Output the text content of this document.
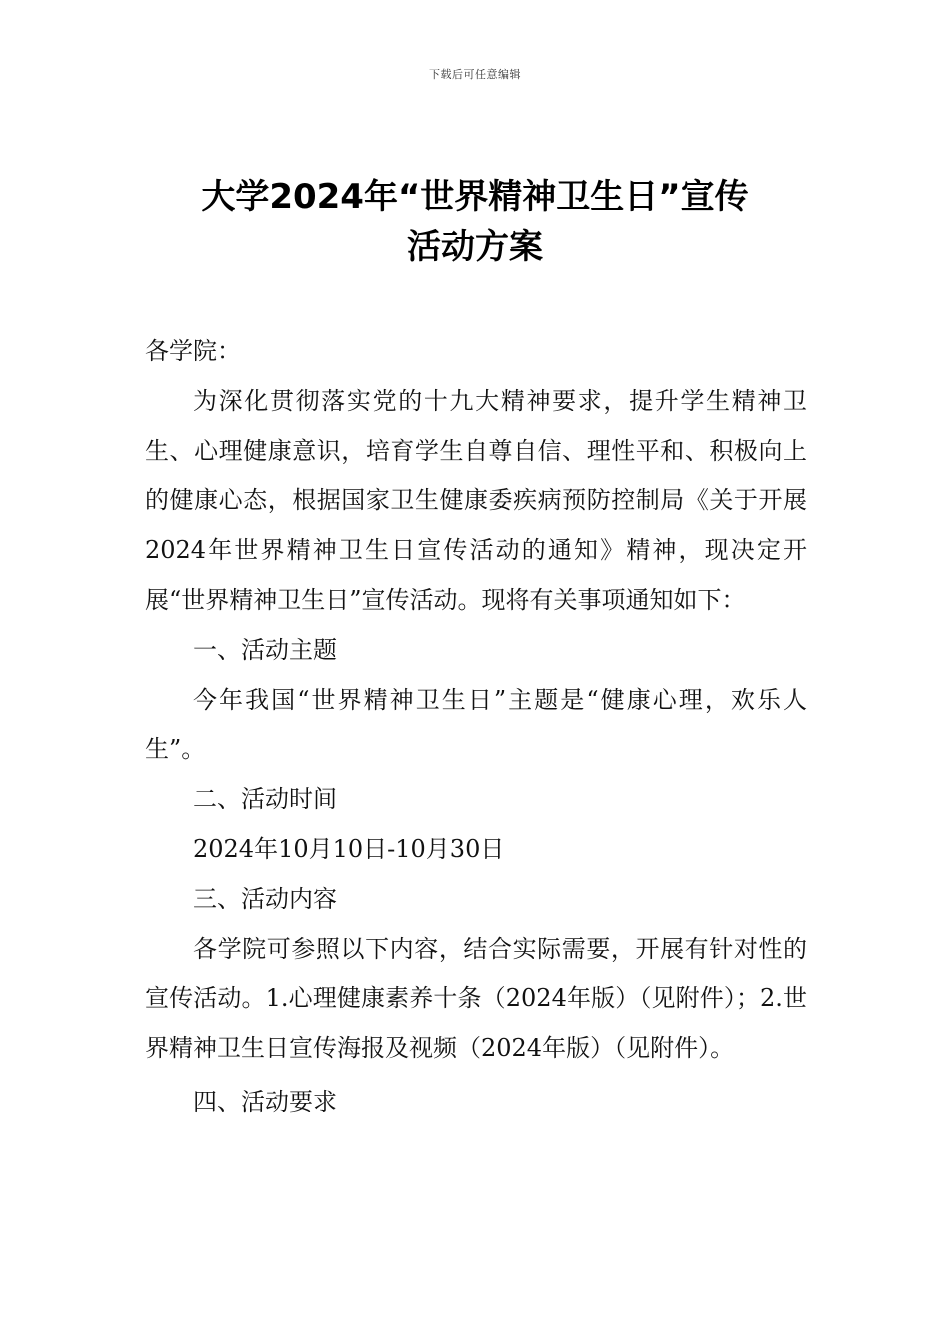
下载后可任意编辑
大学2024年“世界精神卫生日”宣传
活动方案

各学院：

为深化贯彻落实党的十九大精神要求，提升学生精神卫生、心理健康意识，培育学生自尊自信、理性平和、积极向上的健康心态，根据国家卫生健康委疾病预防控制局《关于开展2024年世界精神卫生日宣传活动的通知》精神，现决定开展“世界精神卫生日”宣传活动。现将有关事项通知如下：

一、活动主题

今年我国“世界精神卫生日”主题是“健康心理，欢乐人生”。

二、活动时间

2024年10月10日-10月30日

三、活动内容

各学院可参照以下内容，结合实际需要，开展有针对性的宣传活动。1.心理健康素养十条（2024年版）（见附件）；2.世界精神卫生日宣传海报及视频（2024年版）（见附件）。

四、活动要求
